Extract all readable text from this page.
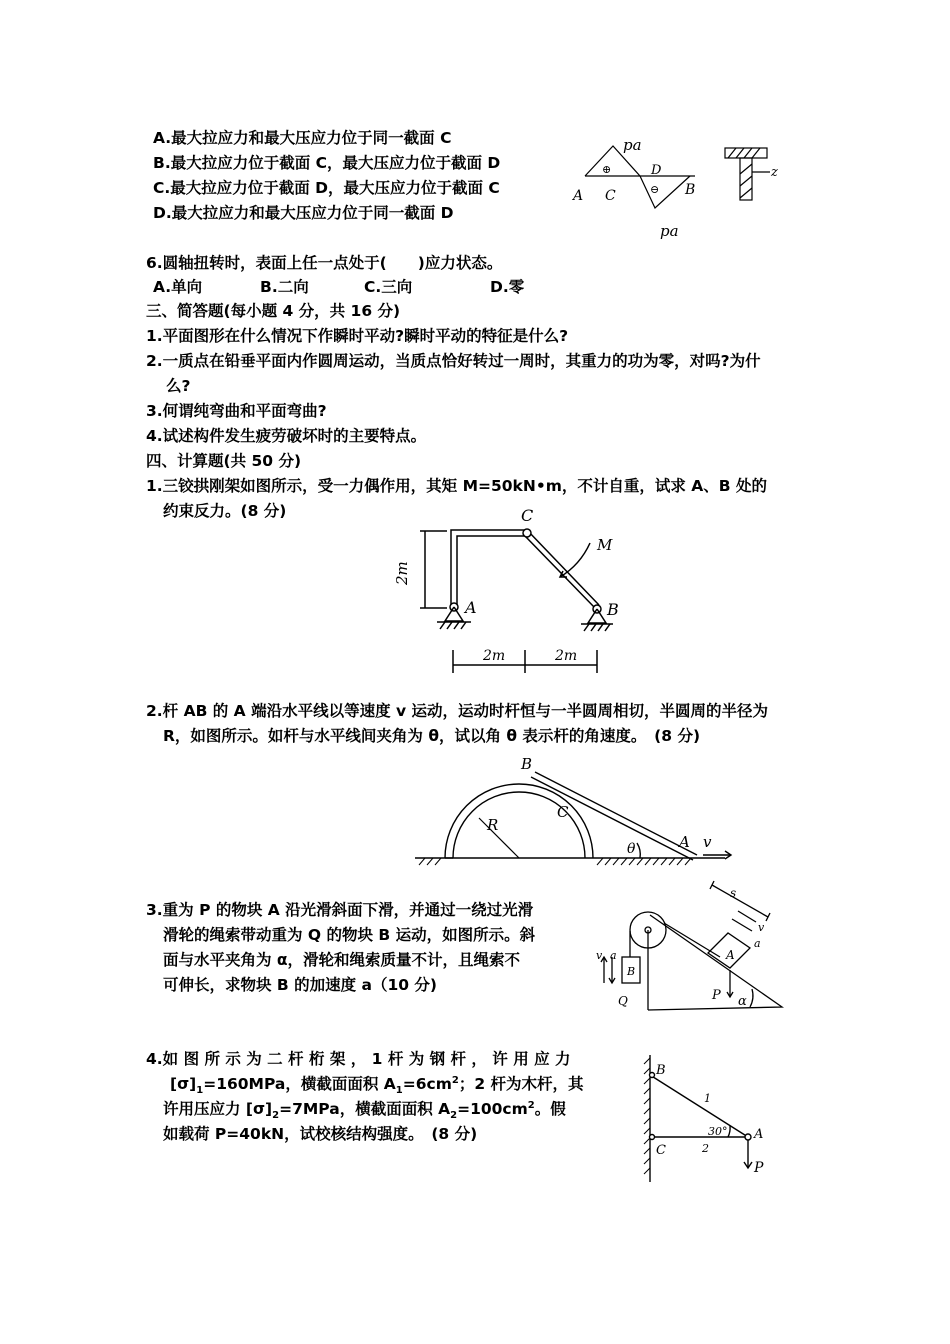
A.最大拉应力和最大压应力位于同一截面 C
B.最大拉应力位于截面 C，最大压应力位于截面 D
C.最大拉应力位于截面 D，最大压应力位于截面 C
D.最大拉应力和最大压应力位于同一截面 D
pa
pa
A C
D
B
⊕
⊖
z
6.圆轴扭转时，表面上任一点处于(　　)应力状态。
A.单向	B.二向	C.三向	D.零
三、简答题(每小题 4 分，共 16 分)
1.平面图形在什么情况下作瞬时平动?瞬时平动的特征是什么?
2.一质点在铅垂平面内作圆周运动，当质点恰好转过一周时，其重力的功为零，对吗?为什
么?
3.何谓纯弯曲和平面弯曲?
4.试述构件发生疲劳破坏时的主要特点。
四、计算题(共 50 分)
1.三铰拱刚架如图所示，受一力偶作用，其矩 M=50kN•m，不计自重，试求 A、B 处的
约束反力。(8 分)	C
A	B
M
2m
2m	2m
2.杆 AB 的 A 端沿水平线以等速度 v 运动，运动时杆恒与一半圆周相切，半圆周的半径为
R，如图所示。如杆与水平线间夹角为 θ，试以角 θ 表示杆的角速度。　(8 分)
B
C
R
θ	A v
3.重为 P 的物块 A 沿光滑斜面下滑，并通过一绕过光滑
滑轮的绳索带动重为 Q 的物块 B 运动，如图所示。斜
面与水平夹角为 α，滑轮和绳索质量不计，且绳索不
可伸长，求物块 B 的加速度 a（10 分)
s
v
a
v a	A
B
P
Q	α
4.如 图 所 示 为 二 杆 桁 架 ， 1 杆 为 钢 杆 ， 许 用 应 力
$[\sigma]_1=160MPa$，横截面面积 $A_1=6cm^2$；2 杆为木杆，其
许用压应力 $[\sigma]_2=7MPa$，横截面面积 $A_2=100cm^2$。假
如载荷 P=40kN，试校核结构强度。　(8 分)
B
1
30° A
C	2
P
